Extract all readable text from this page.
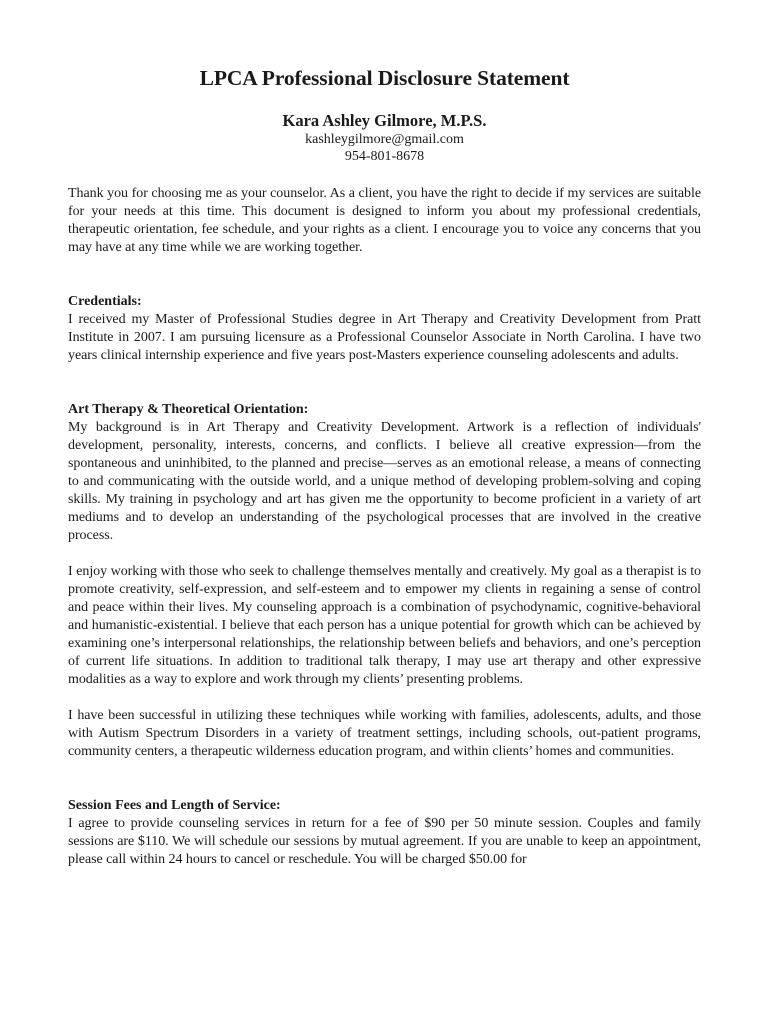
LPCA Professional Disclosure Statement
Kara Ashley Gilmore, M.P.S.
kashleygilmore@gmail.com
954-801-8678

Thank you for choosing me as your counselor. As a client, you have the right to decide if my services are suitable for your needs at this time. This document is designed to inform you about my professional credentials, therapeutic orientation, fee schedule, and your rights as a client. I encourage you to voice any concerns that you may have at any time while we are working together.

Credentials:

I received my Master of Professional Studies degree in Art Therapy and Creativity Development from Pratt Institute in 2007. I am pursuing licensure as a Professional Counselor Associate in North Carolina. I have two years clinical internship experience and five years post-Masters experience counseling adolescents and adults.

Art Therapy & Theoretical Orientation:

My background is in Art Therapy and Creativity Development. Artwork is a reflection of individuals' development, personality, interests, concerns, and conflicts. I believe all creative expression—from the spontaneous and uninhibited, to the planned and precise—serves as an emotional release, a means of connecting to and communicating with the outside world, and a unique method of developing problem-solving and coping skills. My training in psychology and art has given me the opportunity to become proficient in a variety of art mediums and to develop an understanding of the psychological processes that are involved in the creative process.

I enjoy working with those who seek to challenge themselves mentally and creatively. My goal as a therapist is to promote creativity, self-expression, and self-esteem and to empower my clients in regaining a sense of control and peace within their lives. My counseling approach is a combination of psychodynamic, cognitive-behavioral and humanistic-existential. I believe that each person has a unique potential for growth which can be achieved by examining one’s interpersonal relationships, the relationship between beliefs and behaviors, and one’s perception of current life situations. In addition to traditional talk therapy, I may use art therapy and other expressive modalities as a way to explore and work through my clients’ presenting problems.

I have been successful in utilizing these techniques while working with families, adolescents, adults, and those with Autism Spectrum Disorders in a variety of treatment settings, including schools, out-patient programs, community centers, a therapeutic wilderness education program, and within clients’ homes and communities.

Session Fees and Length of Service:

I agree to provide counseling services in return for a fee of $90 per 50 minute session. Couples and family sessions are $110. We will schedule our sessions by mutual agreement. If you are unable to keep an appointment, please call within 24 hours to cancel or reschedule. You will be charged $50.00 for
